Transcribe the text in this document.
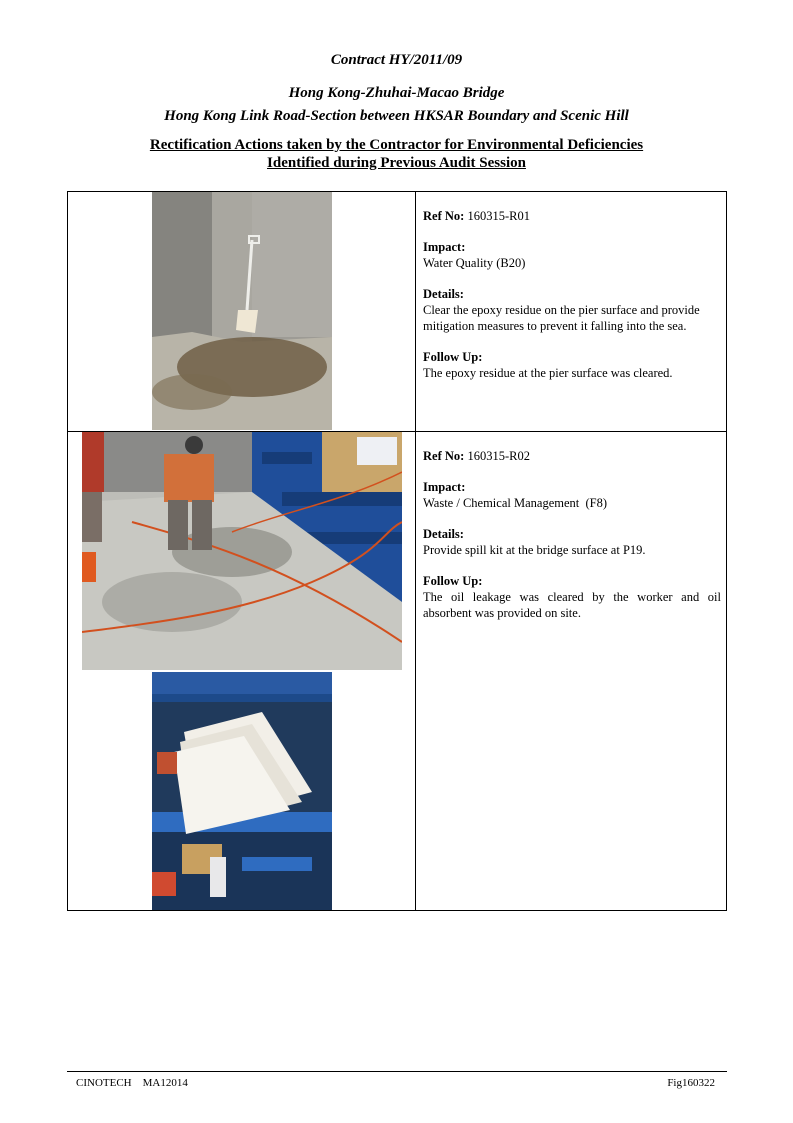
Contract HY/2011/09
Hong Kong-Zhuhai-Macao Bridge
Hong Kong Link Road-Section between HKSAR Boundary and Scenic Hill
Rectification Actions taken by the Contractor for Environmental Deficiencies
Identified during Previous Audit Session

Ref No: 160315-R01

Impact:
Water Quality (B20)

Details:
Clear the epoxy residue on the pier surface and provide mitigation measures to prevent it falling into the sea.

Follow Up:
The epoxy residue at the pier surface was cleared.

Ref No: 160315-R02

Impact:
Waste / Chemical Management  (F8)

Details:
Provide spill kit at the bridge surface at P19.

Follow Up:
The oil leakage was cleared by the worker and oil absorbent was provided on site.

CINOTECH MA12014	Fig160322
